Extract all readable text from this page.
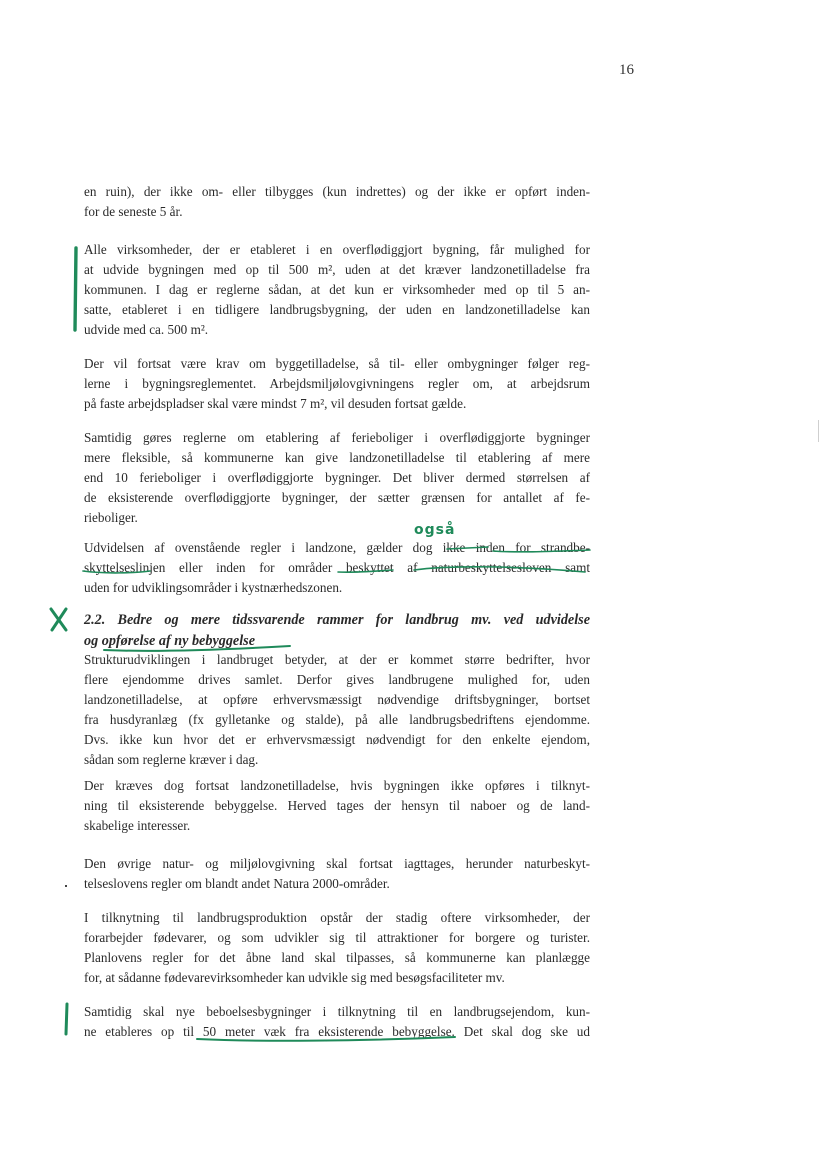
16
en ruin), der ikke om- eller tilbygges (kun indrettes) og der ikke er opført inden-
for de seneste 5 år.
Alle virksomheder, der er etableret i en overflødiggjort bygning, får mulighed for
at udvide bygningen med op til 500 m², uden at det kræver landzonetilladelse fra
kommunen. I dag er reglerne sådan, at det kun er virksomheder med op til 5 an-
satte, etableret i en tidligere landbrugsbygning, der uden en landzonetilladelse kan
udvide med ca. 500 m².
Der vil fortsat være krav om byggetilladelse, så til- eller ombygninger følger reg-
lerne i bygningsreglementet. Arbejdsmiljølovgivningens regler om, at arbejdsrum
på faste arbejdspladser skal være mindst 7 m², vil desuden fortsat gælde.
Samtidig gøres reglerne om etablering af ferieboliger i overflødiggjorte bygninger
mere fleksible, så kommunerne kan give landzonetilladelse til etablering af mere
end 10 ferieboliger i overflødiggjorte bygninger. Det bliver dermed størrelsen af
de eksisterende overflødiggjorte bygninger, der sætter grænsen for antallet af fe-
rieboliger.
Udvidelsen af ovenstående regler i landzone, gælder dog ikke inden for strandbe-
skyttelseslinjen eller inden for områder beskyttet af naturbeskyttelsesloven samt
uden for udviklingsområder i kystnærhedszonen.
2.2. Bedre og mere tidssvarende rammer for landbrug mv. ved udvidelse
og opførelse af ny bebyggelse
Strukturudviklingen i landbruget betyder, at der er kommet større bedrifter, hvor
flere ejendomme drives samlet. Derfor gives landbrugene mulighed for, uden
landzonetilladelse, at opføre erhvervsmæssigt nødvendige driftsbygninger, bortset
fra husdyranlæg (fx gylletanke og stalde), på alle landbrugsbedriftens ejendomme.
Dvs. ikke kun hvor det er erhvervsmæssigt nødvendigt for den enkelte ejendom,
sådan som reglerne kræver i dag.
Der kræves dog fortsat landzonetilladelse, hvis bygningen ikke opføres i tilknyt-
ning til eksisterende bebyggelse. Herved tages der hensyn til naboer og de land-
skabelige interesser.
Den øvrige natur- og miljølovgivning skal fortsat iagttages, herunder naturbeskyt-
telseslovens regler om blandt andet Natura 2000-områder.
I tilknytning til landbrugsproduktion opstår der stadig oftere virksomheder, der
forarbejder fødevarer, og som udvikler sig til attraktioner for borgere og turister.
Planlovens regler for det åbne land skal tilpasses, så kommunerne kan planlægge
for, at sådanne fødevarevirksomheder kan udvikle sig med besøgsfaciliteter mv.
Samtidig skal nye beboelsesbygninger i tilknytning til en landbrugsejendom, kun-
ne etableres op til 50 meter væk fra eksisterende bebyggelse. Det skal dog ske ud
også
